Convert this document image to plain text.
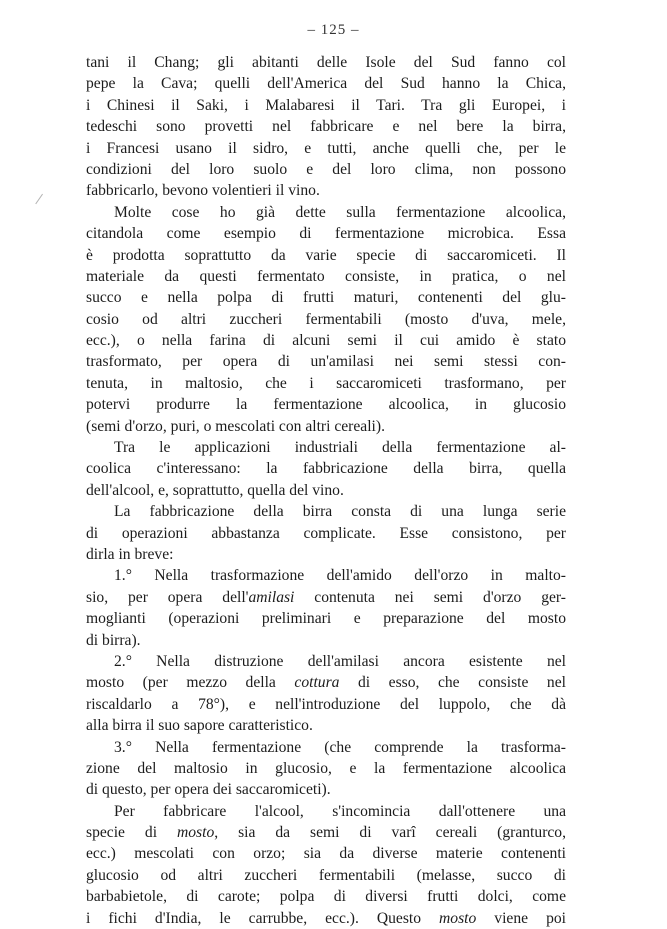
– 125 –
tani il Chang; gli abitanti delle Isole del Sud fanno col
pepe la Cava; quelli dell'America del Sud hanno la Chica,
i Chinesi il Saki, i Malabaresi il Tari. Tra gli Europei, i
tedeschi sono provetti nel fabbricare e nel bere la birra,
i Francesi usano il sidro, e tutti, anche quelli che, per le
condizioni del loro suolo e del loro clima, non possono
fabbricarlo, bevono volentieri il vino.
Molte cose ho già dette sulla fermentazione alcoolica,
citandola come esempio di fermentazione microbica. Essa
è prodotta soprattutto da varie specie di saccaromiceti. Il
materiale da questi fermentato consiste, in pratica, o nel
succo e nella polpa di frutti maturi, contenenti del glu-
cosio od altri zuccheri fermentabili (mosto d'uva, mele,
ecc.), o nella farina di alcuni semi il cui amido è stato
trasformato, per opera di un'amilasi nei semi stessi con-
tenuta, in maltosio, che i saccaromiceti trasformano, per
potervi produrre la fermentazione alcoolica, in glucosio
(semi d'orzo, puri, o mescolati con altri cereali).
Tra le applicazioni industriali della fermentazione al-
coolica c'interessano: la fabbricazione della birra, quella
dell'alcool, e, soprattutto, quella del vino.
La fabbricazione della birra consta di una lunga serie
di operazioni abbastanza complicate. Esse consistono, per
dirla in breve:
1.° Nella trasformazione dell'amido dell'orzo in malto-
sio, per opera dell'amilasi contenuta nei semi d'orzo ger-
moglianti (operazioni preliminari e preparazione del mosto
di birra).
2.° Nella distruzione dell'amilasi ancora esistente nel
mosto (per mezzo della cottura di esso, che consiste nel
riscaldarlo a 78°), e nell'introduzione del luppolo, che dà
alla birra il suo sapore caratteristico.
3.° Nella fermentazione (che comprende la trasforma-
zione del maltosio in glucosio, e la fermentazione alcoolica
di questo, per opera dei saccaromiceti).
Per fabbricare l'alcool, s'incomincia dall'ottenere una
specie di mosto, sia da semi di varî cereali (granturco,
ecc.) mescolati con orzo; sia da diverse materie contenenti
glucosio od altri zuccheri fermentabili (melasse, succo di
barbabietole, di carote; polpa di diversi frutti dolci, come
i fichi d'India, le carrubbe, ecc.). Questo mosto viene poi
